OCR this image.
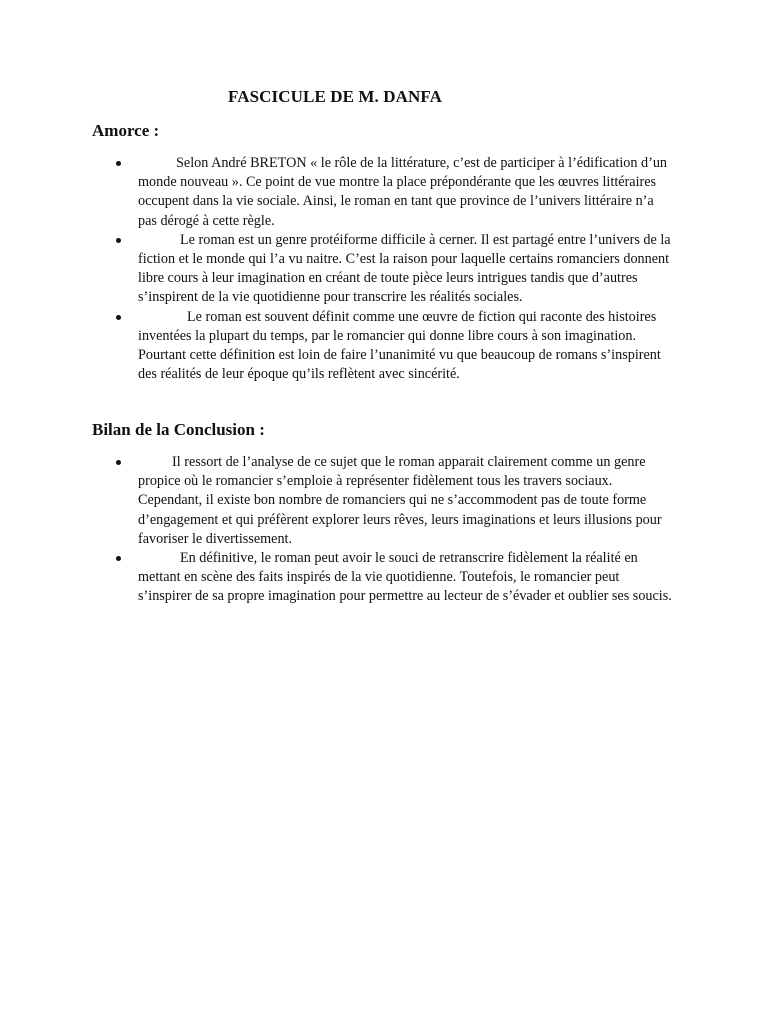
FASCICULE DE M. DANFA
Amorce :

Selon André BRETON « le rôle de la littérature, c’est de participer à l’édification d’un monde nouveau ». Ce point de vue montre la place prépondérante que les œuvres littéraires occupent dans la vie sociale. Ainsi, le roman en tant que province de l’univers littéraire n’a pas dérogé à cette règle.

Le roman est un genre protéiforme difficile à cerner. Il est partagé entre l’univers de la fiction et le monde qui l’a vu naitre. C’est la raison pour laquelle certains romanciers donnent libre cours à leur imagination en créant de toute pièce leurs intrigues tandis que d’autres s’inspirent de la vie quotidienne pour transcrire les réalités sociales.

Le roman est souvent définit comme une œuvre de fiction qui raconte des histoires inventées la plupart du temps, par le romancier qui donne libre cours à son imagination. Pourtant cette définition est loin de faire l’unanimité vu que beaucoup de romans s’inspirent des réalités de leur époque qu’ils reflètent avec sincérité.

Bilan de la Conclusion :

Il ressort de l’analyse de ce sujet que le roman apparait clairement comme un genre propice où le romancier s’emploie à représenter fidèlement tous les travers sociaux. Cependant, il existe bon nombre de romanciers qui ne s’accommodent pas de toute forme d’engagement et qui préfèrent explorer leurs rêves, leurs imaginations et leurs illusions pour favoriser le divertissement.

En définitive, le roman peut avoir le souci de retranscrire fidèlement la réalité en mettant en scène des faits inspirés de la vie quotidienne. Toutefois, le romancier peut s’inspirer de sa propre imagination pour permettre au lecteur de s’évader et oublier ses soucis.
